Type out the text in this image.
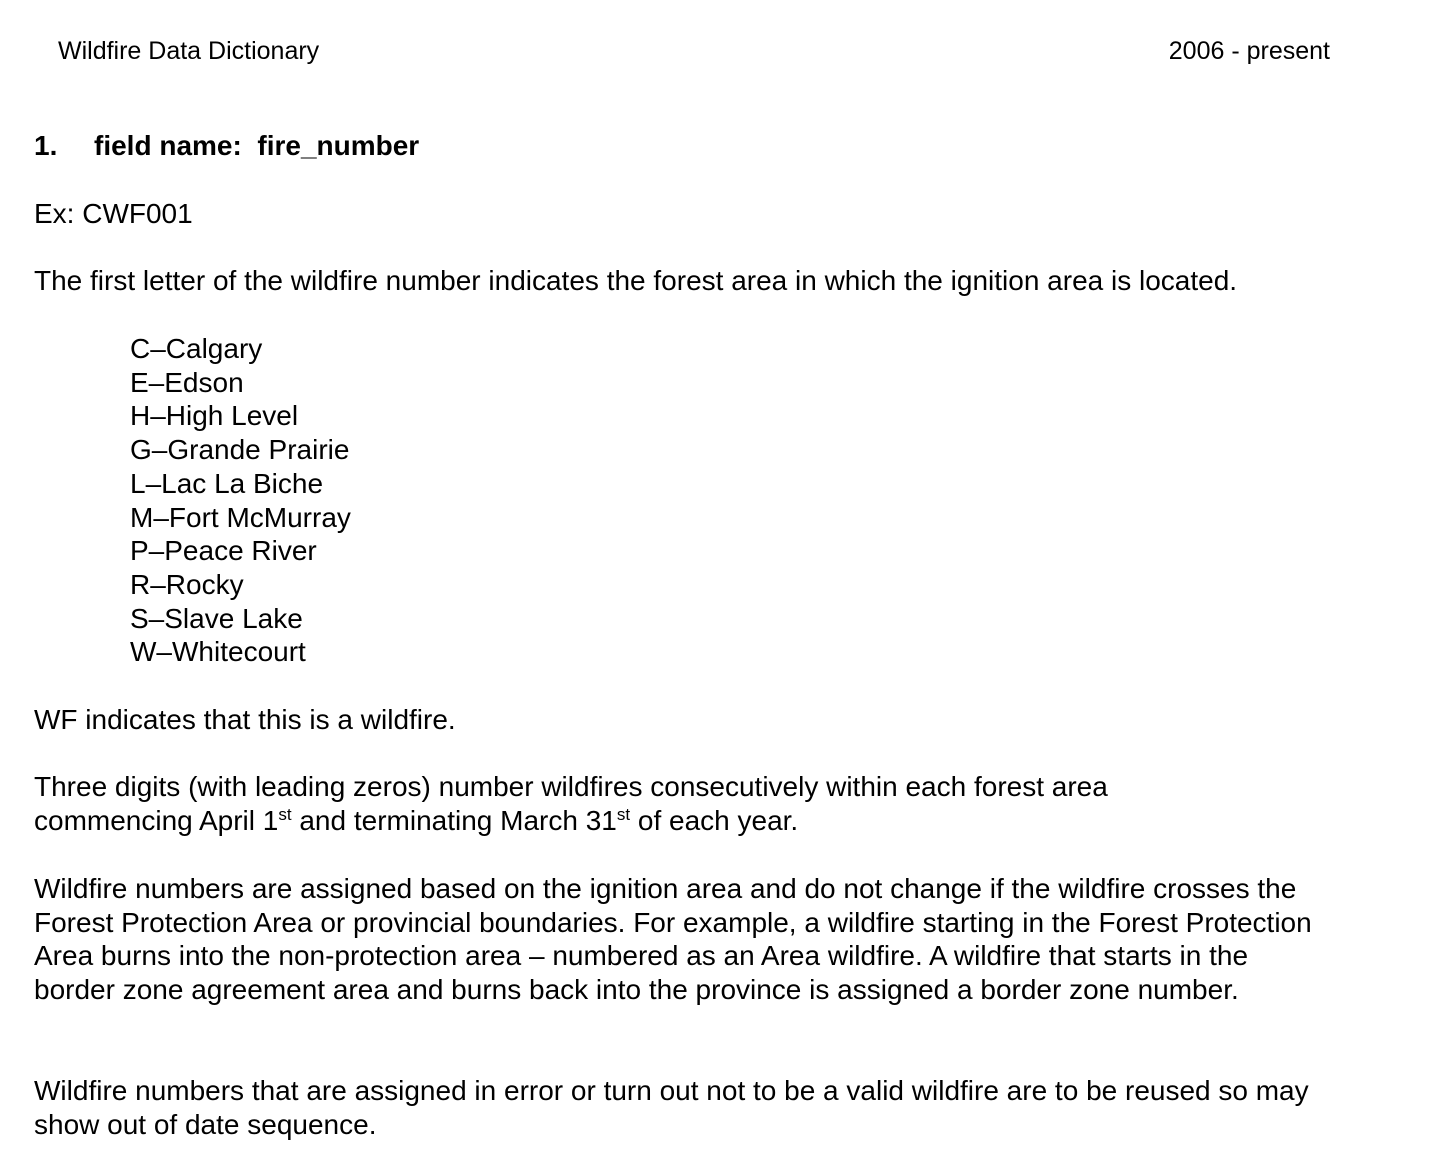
Wildfire Data Dictionary	2006 - present
1. field name:  fire_number
Ex: CWF001
The first letter of the wildfire number indicates the forest area in which the ignition area is located.
C–Calgary
E–Edson
H–High Level
G–Grande Prairie
L–Lac La Biche
M–Fort McMurray
P–Peace River
R–Rocky
S–Slave Lake
W–Whitecourt
WF indicates that this is a wildfire.
Three digits (with leading zeros) number wildfires consecutively within each forest area commencing April 1st and terminating March 31st of each year.
Wildfire numbers are assigned based on the ignition area and do not change if the wildfire crosses the Forest Protection Area or provincial boundaries. For example, a wildfire starting in the Forest Protection Area burns into the non-protection area – numbered as an Area wildfire. A wildfire that starts in the border zone agreement area and burns back into the province is assigned a border zone number.
Wildfire numbers that are assigned in error or turn out not to be a valid wildfire are to be reused so may show out of date sequence.
